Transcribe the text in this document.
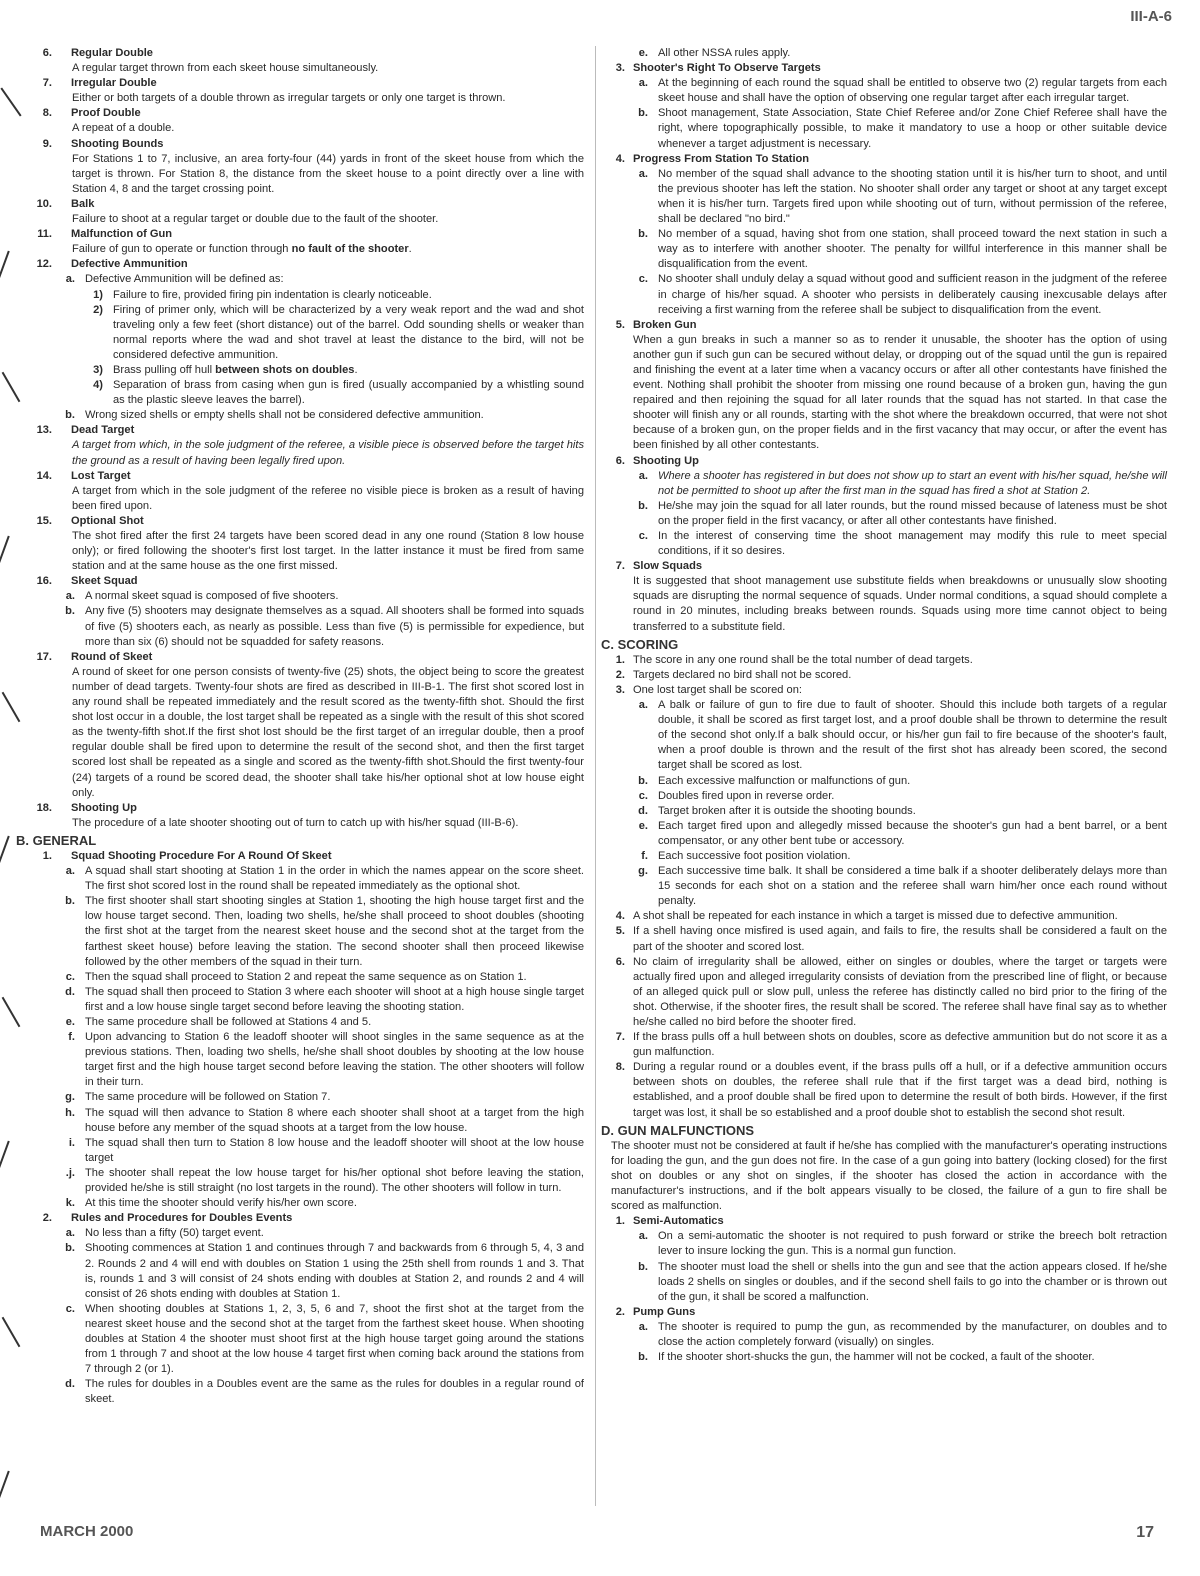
III-A-6
6.	Regular Double
A regular target thrown from each skeet house simultaneously.
7.	Irregular Double
Either or both targets of a double thrown as irregular targets or only one target is thrown.
8.	Proof Double
A repeat of a double.
9.	Shooting Bounds
For Stations 1 to 7, inclusive, an area forty-four (44) yards in front of the skeet house from which the target is thrown. For Station 8, the distance from the skeet house to a point directly over a line with Station 4, 8 and the target crossing point.
10.	Balk
Failure to shoot at a regular target or double due to the fault of the shooter.
11.	Malfunction of Gun
Failure of gun to operate or function through no fault of the shooter.
12.	Defective Ammunition
a. Defective Ammunition will be defined as:
1) Failure to fire, provided firing pin indentation is clearly noticeable.
2) Firing of primer only, which will be characterized by a very weak report and the wad and shot traveling only a few feet (short distance) out of the barrel. Odd sounding shells or weaker than normal reports where the wad and shot travel at least the distance to the bird, will not be considered defective ammunition.
3) Brass pulling off hull between shots on doubles.
4) Separation of brass from casing when gun is fired (usually accompanied by a whistling sound as the plastic sleeve leaves the barrel).
b. Wrong sized shells or empty shells shall not be considered defective ammunition.
13.	Dead Target
A target from which, in the sole judgment of the referee, a visible piece is observed before the target hits the ground as a result of having been legally fired upon.
14.	Lost Target
A target from which in the sole judgment of the referee no visible piece is broken as a result of having been fired upon.
15.	Optional Shot
The shot fired after the first 24 targets have been scored dead in any one round (Station 8 low house only); or fired following the shooter's first lost target. In the latter instance it must be fired from same station and at the same house as the one first missed.
16.	Skeet Squad
a. A normal skeet squad is composed of five shooters.
b. Any five (5) shooters may designate themselves as a squad. All shooters shall be formed into squads of five (5) shooters each, as nearly as possible. Less than five (5) is permissible for expedience, but more than six (6) should not be squadded for safety reasons.
17.	Round of Skeet
A round of skeet for one person consists of twenty-five (25) shots, the object being to score the greatest number of dead targets. Twenty-four shots are fired as described in III-B-1. The first shot scored lost in any round shall be repeated immediately and the result scored as the twenty-fifth shot. Should the first shot lost occur in a double, the lost target shall be repeated as a single with the result of this shot scored as the twenty-fifth shot.If the first shot lost should be the first target of an irregular double, then a proof regular double shall be fired upon to determine the result of the second shot, and then the first target scored lost shall be repeated as a single and scored as the twenty-fifth shot.Should the first twenty-four (24) targets of a round be scored dead, the shooter shall take his/her optional shot at low house eight only.
18.	Shooting Up
The procedure of a late shooter shooting out of turn to catch up with his/her squad (III-B-6).
B. GENERAL
1.	Squad Shooting Procedure For A Round Of Skeet
a. A squad shall start shooting at Station 1 in the order in which the names appear on the score sheet. The first shot scored lost in the round shall be repeated immediately as the optional shot.
b. The first shooter shall start shooting singles at Station 1, shooting the high house target first and the low house target second. Then, loading two shells, he/she shall proceed to shoot doubles (shooting the first shot at the target from the nearest skeet house and the second shot at the target from the farthest skeet house) before leaving the station. The second shooter shall then proceed likewise followed by the other members of the squad in their turn.
c. Then the squad shall proceed to Station 2 and repeat the same sequence as on Station 1.
d. The squad shall then proceed to Station 3 where each shooter will shoot at a high house single target first and a low house single target second before leaving the shooting station.
e. The same procedure shall be followed at Stations 4 and 5.
f. Upon advancing to Station 6 the leadoff shooter will shoot singles in the same sequence as at the previous stations. Then, loading two shells, he/she shall shoot doubles by shooting at the low house target first and the high house target second before leaving the station. The other shooters will follow in their turn.
g. The same procedure will be followed on Station 7.
h. The squad will then advance to Station 8 where each shooter shall shoot at a target from the high house before any member of the squad shoots at a target from the low house.
i. The squad shall then turn to Station 8 low house and the leadoff shooter will shoot at the low house target
.j. The shooter shall repeat the low house target for his/her optional shot before leaving the station, provided he/she is still straight (no lost targets in the round). The other shooters will follow in turn.
k. At this time the shooter should verify his/her own score.
2.	Rules and Procedures for Doubles Events
a. No less than a fifty (50) target event.
b. Shooting commences at Station 1 and continues through 7 and backwards from 6 through 5, 4, 3 and 2. Rounds 2 and 4 will end with doubles on Station 1 using the 25th shell from rounds 1 and 3. That is, rounds 1 and 3 will consist of 24 shots ending with doubles at Station 2, and rounds 2 and 4 will consist of 26 shots ending with doubles at Station 1.
c. When shooting doubles at Stations 1, 2, 3, 5, 6 and 7, shoot the first shot at the target from the nearest skeet house and the second shot at the target from the farthest skeet house. When shooting doubles at Station 4 the shooter must shoot first at the high house target going around the stations from 1 through 7 and shoot at the low house 4 target first when coming back around the stations from 7 through 2 (or 1).
d. The rules for doubles in a Doubles event are the same as the rules for doubles in a regular round of skeet.
e. All other NSSA rules apply.
3. Shooter's Right To Observe Targets
a. At the beginning of each round the squad shall be entitled to observe two (2) regular targets from each skeet house and shall have the option of observing one regular target after each irregular target.
b. Shoot management, State Association, State Chief Referee and/or Zone Chief Referee shall have the right, where topographically possible, to make it mandatory to use a hoop or other suitable device whenever a target adjustment is necessary.
4. Progress From Station To Station
a. No member of the squad shall advance to the shooting station until it is his/her turn to shoot, and until the previous shooter has left the station. No shooter shall order any target or shoot at any target except when it is his/her turn. Targets fired upon while shooting out of turn, without permission of the referee, shall be declared "no bird."
b. No member of a squad, having shot from one station, shall proceed toward the next station in such a way as to interfere with another shooter. The penalty for willful interference in this manner shall be disqualification from the event.
c. No shooter shall unduly delay a squad without good and sufficient reason in the judgment of the referee in charge of his/her squad. A shooter who persists in deliberately causing inexcusable delays after receiving a first warning from the referee shall be subject to disqualification from the event.
5. Broken Gun
When a gun breaks in such a manner so as to render it unusable, the shooter has the option of using another gun if such gun can be secured without delay, or dropping out of the squad until the gun is repaired and finishing the event at a later time when a vacancy occurs or after all other contestants have finished the event. Nothing shall prohibit the shooter from missing one round because of a broken gun, having the gun repaired and then rejoining the squad for all later rounds that the squad has not started. In that case the shooter will finish any or all rounds, starting with the shot where the breakdown occurred, that were not shot because of a broken gun, on the proper fields and in the first vacancy that may occur, or after the event has been finished by all other contestants.
6. Shooting Up
a. Where a shooter has registered in but does not show up to start an event with his/her squad, he/she will not be permitted to shoot up after the first man in the squad has fired a shot at Station 2.
b. He/she may join the squad for all later rounds, but the round missed because of lateness must be shot on the proper field in the first vacancy, or after all other contestants have finished.
c. In the interest of conserving time the shoot management may modify this rule to meet special conditions, if it so desires.
7. Slow Squads
It is suggested that shoot management use substitute fields when breakdowns or unusually slow shooting squads are disrupting the normal sequence of squads. Under normal conditions, a squad should complete a round in 20 minutes, including breaks between rounds. Squads using more time cannot object to being transferred to a substitute field.
C. SCORING
1. The score in any one round shall be the total number of dead targets.
2. Targets declared no bird shall not be scored.
3. One lost target shall be scored on:
a. A balk or failure of gun to fire due to fault of shooter. Should this include both targets of a regular double, it shall be scored as first target lost, and a proof double shall be thrown to determine the result of the second shot only.If a balk should occur, or his/her gun fail to fire because of the shooter's fault, when a proof double is thrown and the result of the first shot has already been scored, the second target shall be scored as lost.
b. Each excessive malfunction or malfunctions of gun.
c. Doubles fired upon in reverse order.
d. Target broken after it is outside the shooting bounds.
e. Each target fired upon and allegedly missed because the shooter's gun had a bent barrel, or a bent compensator, or any other bent tube or accessory.
f. Each successive foot position violation.
g. Each successive time balk. It shall be considered a time balk if a shooter deliberately delays more than 15 seconds for each shot on a station and the referee shall warn him/her once each round without penalty.
4. A shot shall be repeated for each instance in which a target is missed due to defective ammunition.
5. If a shell having once misfired is used again, and fails to fire, the results shall be considered a fault on the part of the shooter and scored lost.
6. No claim of irregularity shall be allowed, either on singles or doubles, where the target or targets were actually fired upon and alleged irregularity consists of deviation from the prescribed line of flight, or because of an alleged quick pull or slow pull, unless the referee has distinctly called no bird prior to the firing of the shot. Otherwise, if the shooter fires, the result shall be scored. The referee shall have final say as to whether he/she called no bird before the shooter fired.
7. If the brass pulls off a hull between shots on doubles, score as defective ammunition but do not score it as a gun malfunction.
8. During a regular round or a doubles event, if the brass pulls off a hull, or if a defective ammunition occurs between shots on doubles, the referee shall rule that if the first target was a dead bird, nothing is established, and a proof double shall be fired upon to determine the result of both birds. However, if the first target was lost, it shall be so established and a proof double shot to establish the second shot result.
D. GUN MALFUNCTIONS
The shooter must not be considered at fault if he/she has complied with the manufacturer's operating instructions for loading the gun, and the gun does not fire. In the case of a gun going into battery (locking closed) for the first shot on doubles or any shot on singles, if the shooter has closed the action in accordance with the manufacturer's instructions, and if the bolt appears visually to be closed, the failure of a gun to fire shall be scored as malfunction.
1. Semi-Automatics
a. On a semi-automatic the shooter is not required to push forward or strike the breech bolt retraction lever to insure locking the gun. This is a normal gun function.
b. The shooter must load the shell or shells into the gun and see that the action appears closed. If he/she loads 2 shells on singles or doubles, and if the second shell fails to go into the chamber or is thrown out of the gun, it shall be scored a malfunction.
2. Pump Guns
a. The shooter is required to pump the gun, as recommended by the manufacturer, on doubles and to close the action completely forward (visually) on singles.
b. If the shooter short-shucks the gun, the hammer will not be cocked, a fault of the shooter.
MARCH 2000	17
